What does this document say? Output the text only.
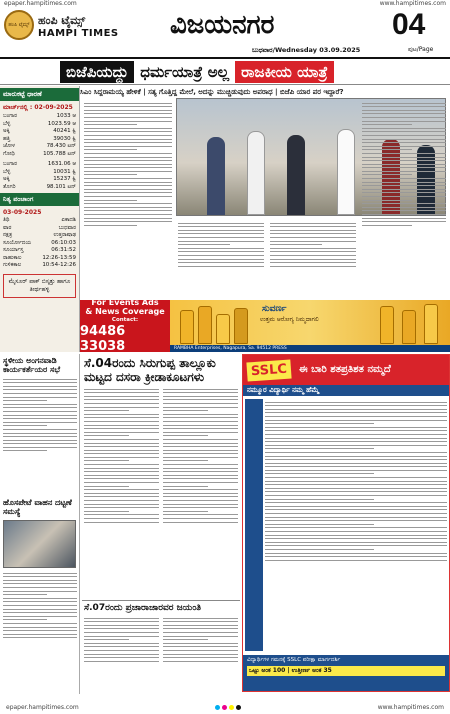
epaper.hampitimes.com	www.hampitimes.com
ಹಂಪಿ ಟೈಮ್ಸ್ ಹಂಪಿ ಟೈಮ್ಸ್
HAMPI TIMES ವಿಜಯನಗರ	04
ಬುಧವಾರ/Wednesday 03.09.2025	ಪುಟ/Page
ಬಿಜೆಪಿಯದ್ದು ಧರ್ಮಯಾತ್ರೆ ಅಲ್ಲ ರಾಜಕೀಯ ಯಾತ್ರೆ
ಸಿಎಂ ಸಿದ್ದರಾಮಯ್ಯ ಹೇಳಿಕೆ | ಸತ್ಯ ಗೊತ್ತಿದ್ದ ಮೇಲೆ, ಅದನ್ನು ಮುಚ್ಚಿಡುವುದು ಅಪರಾಧ | ಬಿಜೆಪಿ ಯಾರ ಪರ ಇದ್ದಾರೆ?
ಮಾರುಕಟ್ಟೆ ಧಾರಣೆ
ಮಾರ್ಚ್‌ನಲ್ಲಿ : 02-09-2025
ಬಂಗಾರ	1033 ಆ
ಬೆಳ್ಳಿ	1023.59 ಆ
ಅಕ್ಕಿ	40241 ಕ್ವಿ
ಹತ್ತಿ	39030 ಕ್ವಿ
ಜೋಳ	78.430 ಟನ್
ಗೋಧಿ	105.788 ಟನ್
ಬಂಗಾರ	1631.06 ಆ
ಬೆಳ್ಳಿ	10031 ಕ್ವಿ
ಅಕ್ಕಿ	15237 ಕ್ವಿ
ತೊಗರಿ	98.101 ಟನ್
ನಿತ್ಯ ಪಂಚಾಂಗ
03-09-2025
ತಿಥಿ	ಏಕಾದಶಿ
ವಾರ	ಬುಧವಾರ
ನಕ್ಷತ್ರ	ಉತ್ತರಾಷಾಢ
ಸೂರ್ಯೋದಯ	06:10:03
ಸೂರ್ಯಾಸ್ತ	06:31:52
ರಾಹುಕಾಲ	12:26-13:59
ಗುಳಿಕಕಾಲ	10:54-12:26
ಮೈಸೂರ್ ಪಾಕ್ ಬಿಸ್ಕತ್ತು ಹಾಗೂ ತೀರ್ಥಹಳ್ಳಿ
For Events Ads
& News Coverage
Contact:
94486 33038
ಸುವರ್ಣ
ಉತ್ತಮ ಆರೋಗ್ಯ ನಿಮ್ಮದಾಗಲಿ
RAMBHA Enterprises, Nagapura, Sa. 94512 PRESS
ಸ್ಥಳೀಯ ಅಂಗನವಾಡಿ ಕಾರ್ಯಕರ್ತೆಯರ ಸಭೆ
ಹೊಸಪೇಟೆ ವಾಹನ ದಟ್ಟಣೆ ಸಮಸ್ಯೆ
ಸೆ.04ರಂದು ಸಿರುಗುಪ್ಪ ತಾಲ್ಲೂಕು ಮಟ್ಟದ ದಸರಾ ಕ್ರೀಡಾಕೂಟಗಳು
ಸೆ.07ರಂದು ಪ್ರಜಾರಾಜಾರವರ ಜಯಂತಿ
SSLC	ಈ ಬಾರಿ ಶತಪ್ರತಿಶತ ನಮ್ಮದೆ
ನಮ್ಮೂರ ವಿದ್ಯಾರ್ಥಿ ನಮ್ಮ ಹೆಮ್ಮೆ
ವಿದ್ಯಾರ್ಥಿಗಳ ಗಮನಕ್ಕೆ SSLC ಪರೀಕ್ಷಾ ಮಾರ್ಗದರ್ಶಿ
ಒಟ್ಟು ಅಂಕ 100 | ಉತ್ತೀರ್ಣ ಅಂಕ 35
epaper.hampitimes.com	www.hampitimes.com
